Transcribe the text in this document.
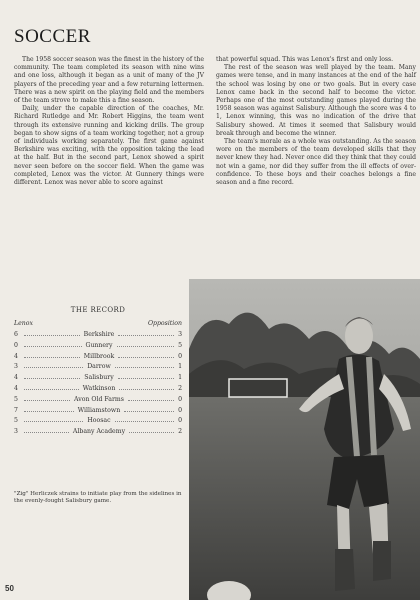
SOCCER

The 1958 soccer season was the finest in the history of the community. The team completed its season with nine wins and one loss, although it began as a unit of many of the JV players of the preceding year and a few returning lettermen. There was a new spirit on the playing field and the members of the team strove to make this a fine season.

Daily, under the capable direction of the coaches, Mr. Richard Rutledge and Mr. Robert Higgins, the team went through its extensive running and kicking drills. The group began to show signs of a team working together, not a group of individuals working separately. The first game against Berkshire was exciting, with the opposition taking the lead at the half. But in the second part, Lenox showed a spirit never seen before on the soccer field. When the game was completed, Lenox was the victor. At Gunnery things were different. Lenox was never able to score against

that powerful squad. This was Lenox's first and only loss.

The rest of the season was well played by the team. Many games were tense, and in many instances at the end of the half the school was losing by one or two goals. But in every case Lenox came back in the second half to become the victor. Perhaps one of the most outstanding games played during the 1958 season was against Salisbury. Although the score was 4 to 1, Lenox winning, this was no indication of the drive that Salisbury showed. At times it seemed that Salisbury would break through and become the winner.

The team's morale as a whole was outstanding. As the season wore on the members of the team developed skills that they never knew they had. Never once did they think that they could not win a game, nor did they suffer from the ill effects of over-confidence. To these boys and their coaches belongs a fine season and a fine record.

THE RECORD
Lenox	Opposition
6	Berkshire	3
0	Gunnery	5
4	Millbrook	0
3	Darrow	1
4	Salisbury	1
4	Watkinson	2
5	Avon Old Farms	0
7	Williamstown	0
5	Hoosac	0
3	Albany Academy	2
"Zig" Herliczek strains to initiate play from the sidelines in the evenly-fought Salisbury game.
50
